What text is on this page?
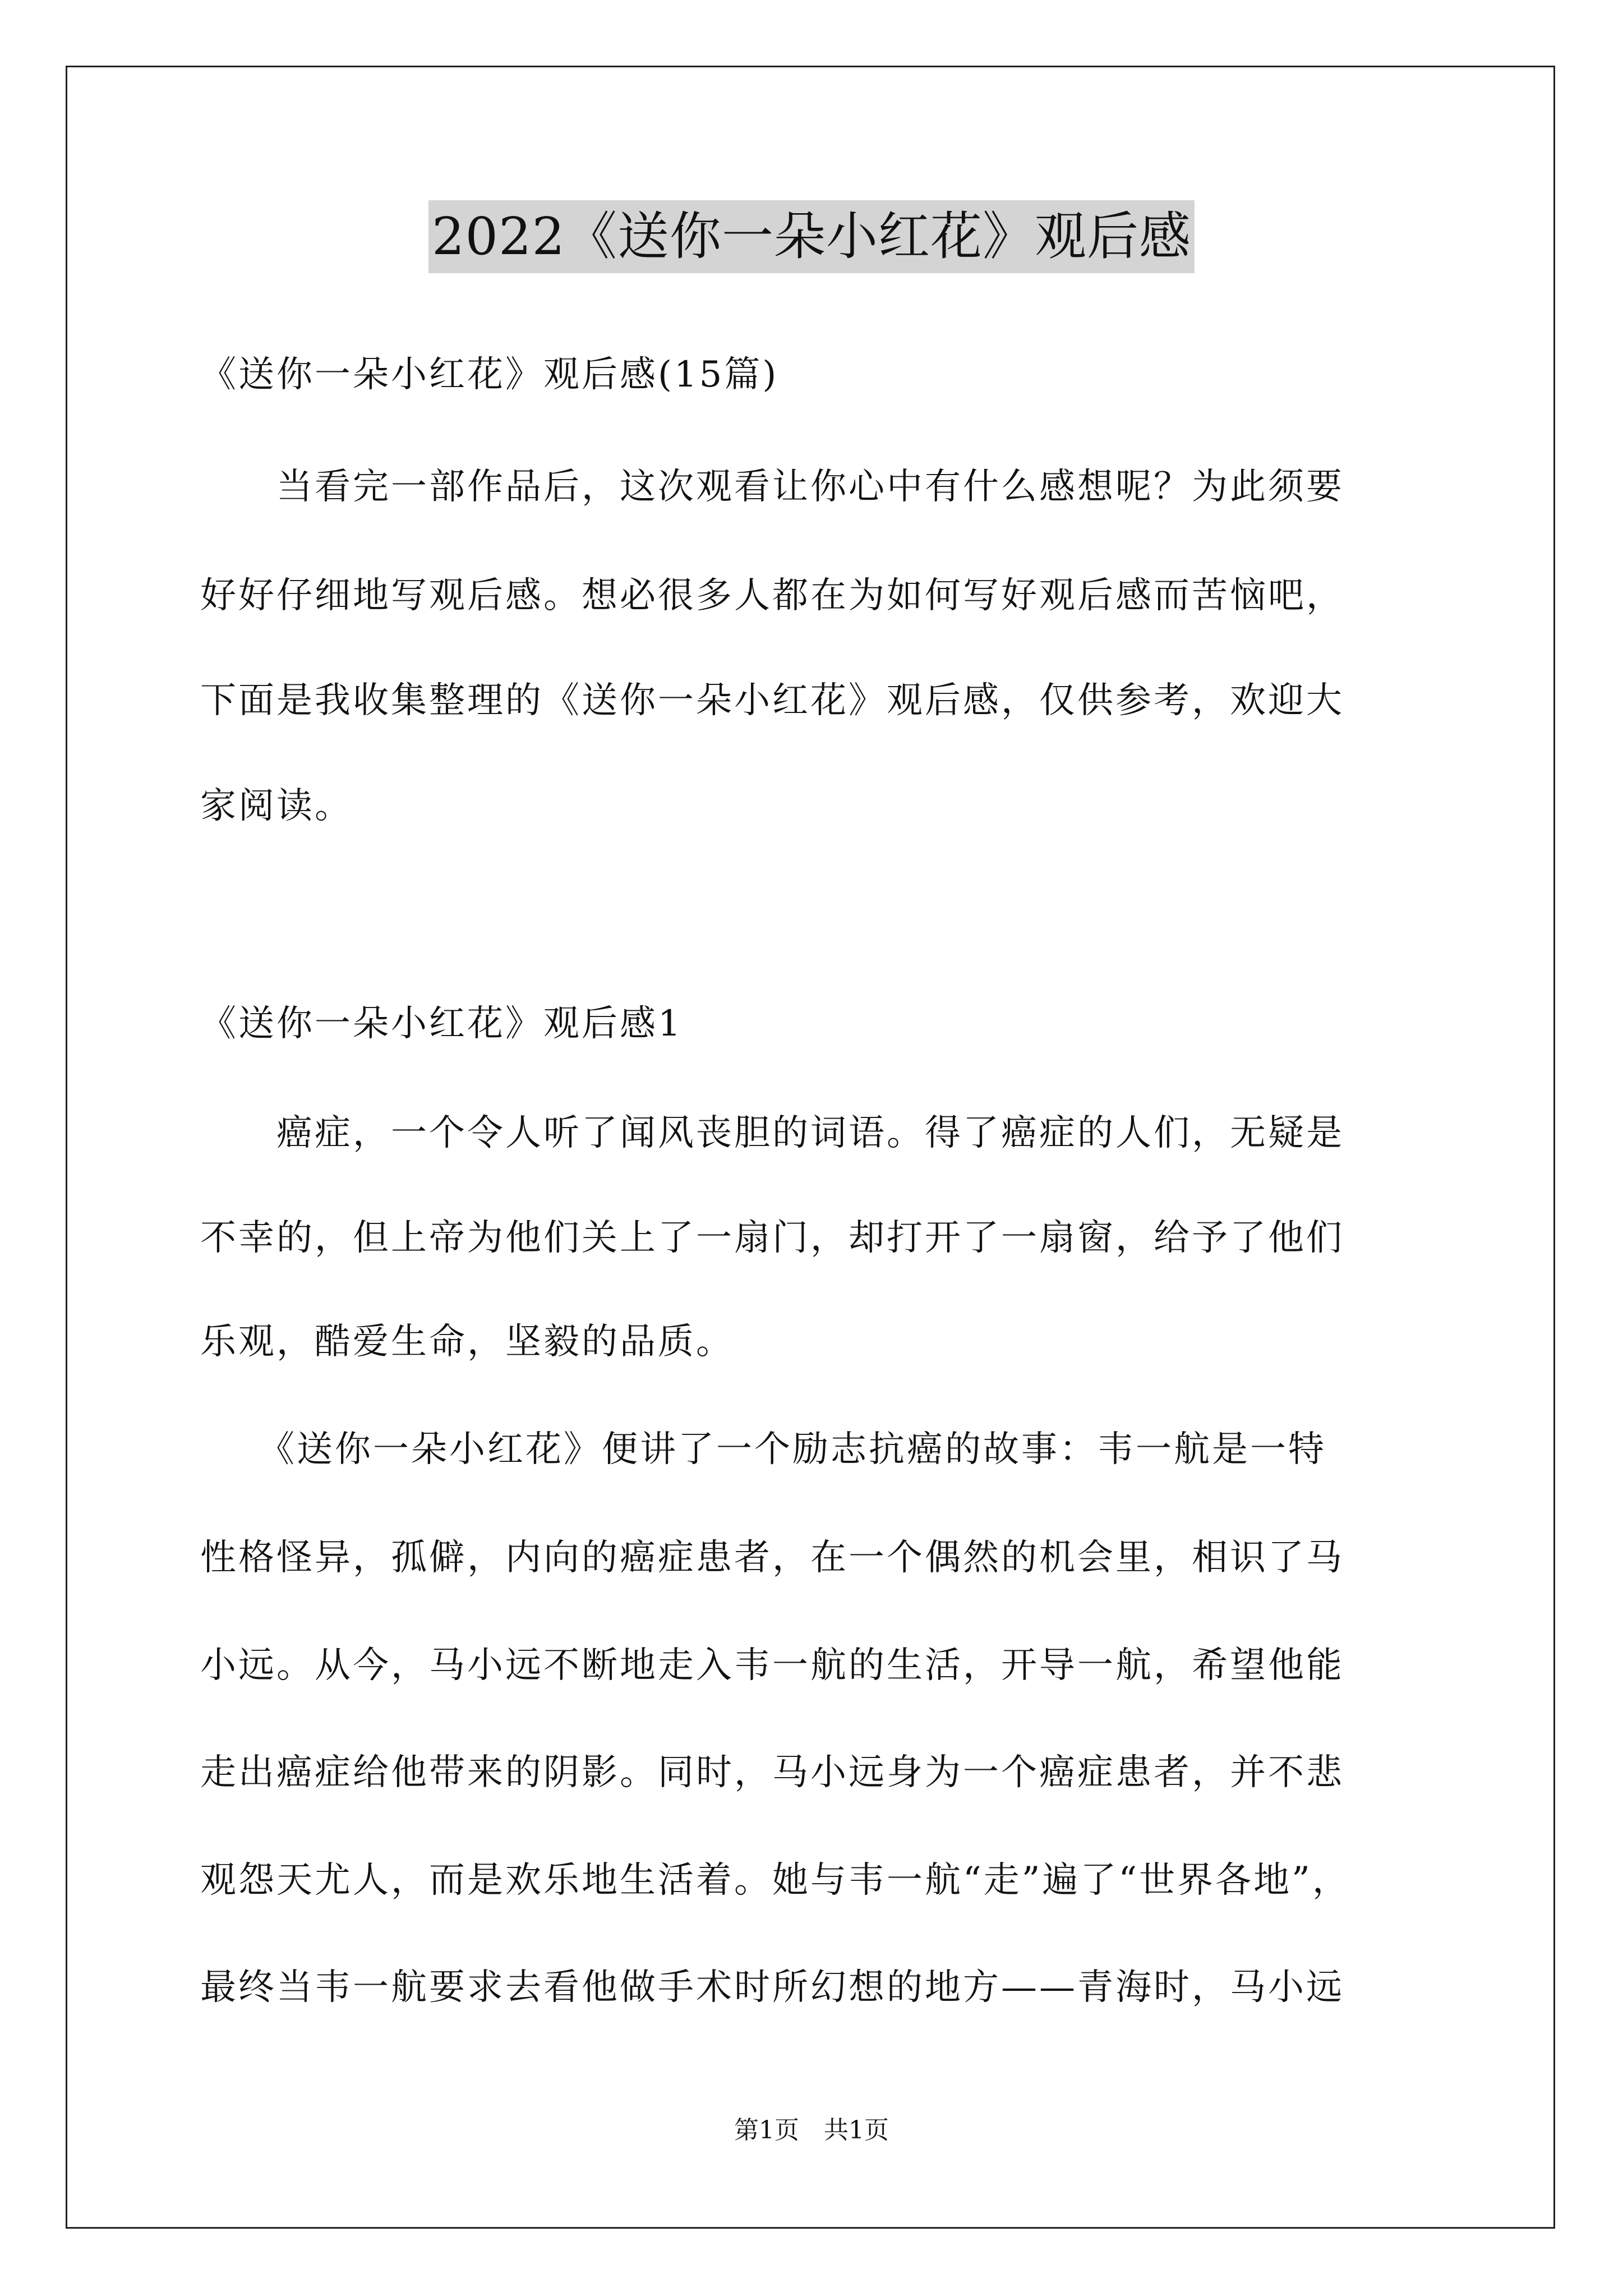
2022《送你一朵小红花》观后感
《送你一朵小红花》观后感(15篇)
　　当看完一部作品后，这次观看让你心中有什么感想呢？为此须要
好好仔细地写观后感。想必很多人都在为如何写好观后感而苦恼吧，
下面是我收集整理的《送你一朵小红花》观后感，仅供参考，欢迎大
家阅读。
《送你一朵小红花》观后感1
　　癌症，一个令人听了闻风丧胆的词语。得了癌症的人们，无疑是
不幸的，但上帝为他们关上了一扇门，却打开了一扇窗，给予了他们
乐观，酷爱生命，坚毅的品质。
　　《送你一朵小红花》便讲了一个励志抗癌的故事：韦一航是一特
性格怪异，孤僻，内向的癌症患者，在一个偶然的机会里，相识了马
小远。从今，马小远不断地走入韦一航的生活，开导一航，希望他能
走出癌症给他带来的阴影。同时，马小远身为一个癌症患者，并不悲
观怨天尤人，而是欢乐地生活着。她与韦一航“走”遍了“世界各地”，
最终当韦一航要求去看他做手术时所幻想的地方——青海时，马小远
第1页　共1页
